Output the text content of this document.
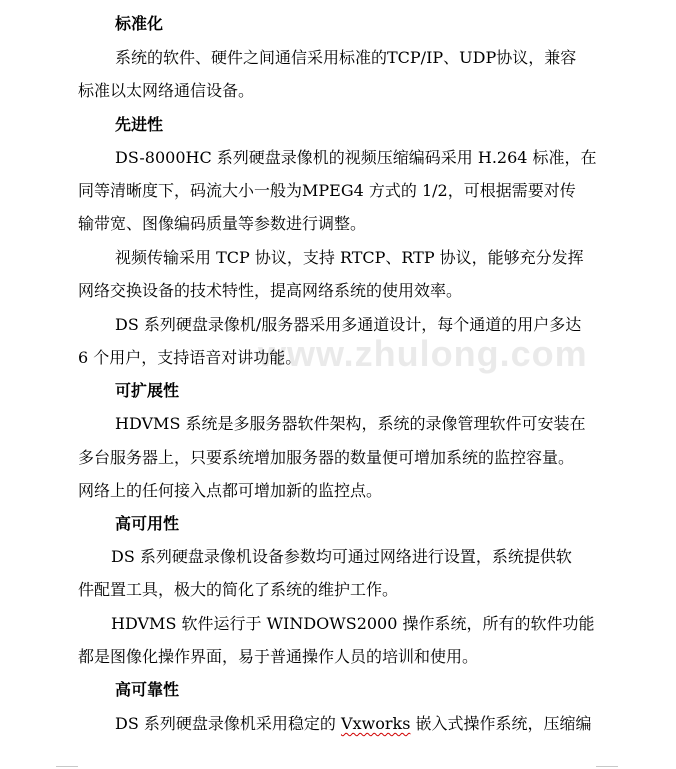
www.zhulong.com
标准化
系统的软件、硬件之间通信采用标准的TCP/IP、UDP协议，兼容
标准以太网络通信设备。
先进性
DS-8000HC 系列硬盘录像机的视频压缩编码采用 H.264 标准，在
同等清晰度下，码流大小一般为MPEG4 方式的 1/2，可根据需要对传
输带宽、图像编码质量等参数进行调整。
视频传输采用 TCP 协议，支持 RTCP、RTP 协议，能够充分发挥
网络交换设备的技术特性，提高网络系统的使用效率。
DS 系列硬盘录像机/服务器采用多通道设计，每个通道的用户多达
6 个用户，支持语音对讲功能。
可扩展性
HDVMS 系统是多服务器软件架构，系统的录像管理软件可安装在
多台服务器上，只要系统增加服务器的数量便可增加系统的监控容量。
网络上的任何接入点都可增加新的监控点。
高可用性
DS 系列硬盘录像机设备参数均可通过网络进行设置，系统提供软
件配置工具，极大的简化了系统的维护工作。
HDVMS 软件运行于 WINDOWS2000 操作系统，所有的软件功能
都是图像化操作界面，易于普通操作人员的培训和使用。
高可靠性
DS 系列硬盘录像机采用稳定的 Vxworks 嵌入式操作系统，压缩编
